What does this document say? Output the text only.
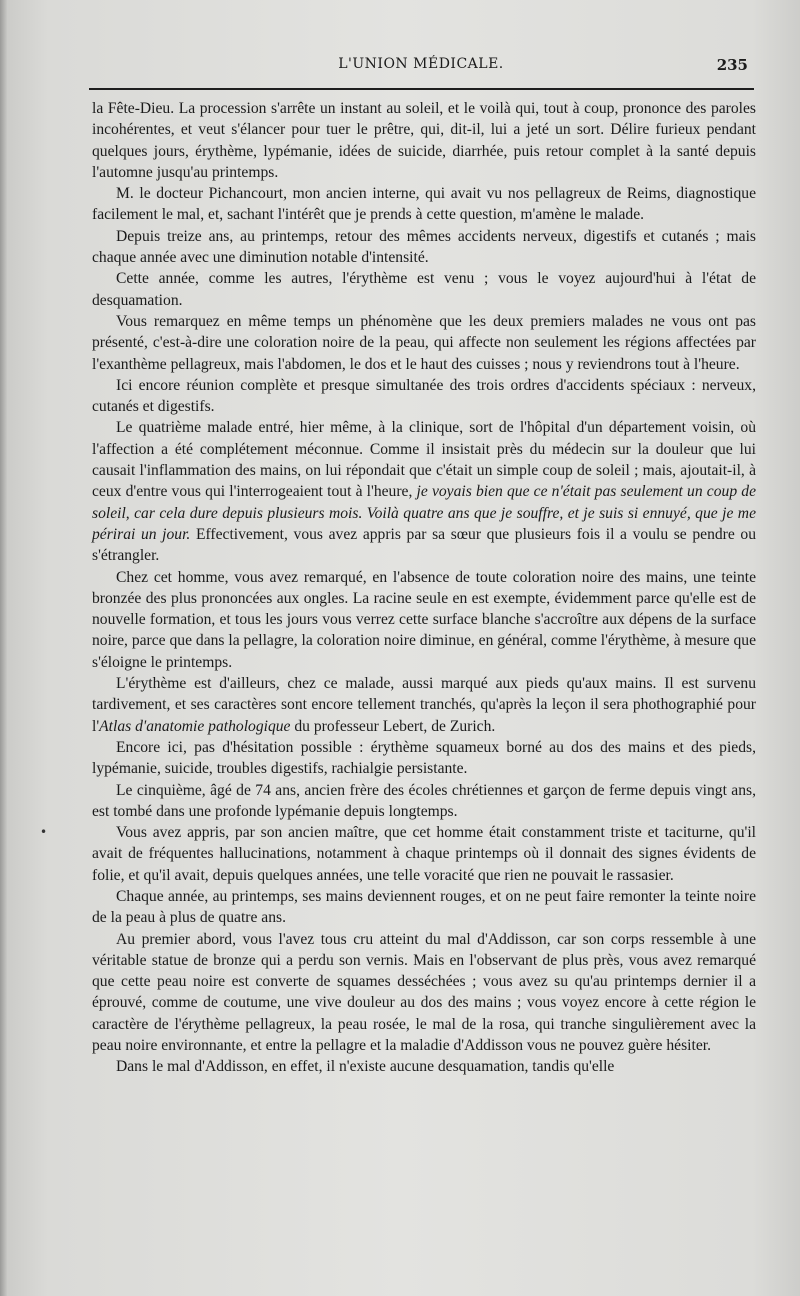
L'UNION MÉDICALE.	235

la Fête-Dieu. La procession s'arrête un instant au soleil, et le voilà qui, tout à coup, prononce des paroles incohérentes, et veut s'élancer pour tuer le prêtre, qui, dit-il, lui a jeté un sort. Délire furieux pendant quelques jours, érythème, lypémanie, idées de suicide, diarrhée, puis retour complet à la santé depuis l'automne jusqu'au printemps.

M. le docteur Pichancourt, mon ancien interne, qui avait vu nos pellagreux de Reims, diagnostique facilement le mal, et, sachant l'intérêt que je prends à cette question, m'amène le malade.

Depuis treize ans, au printemps, retour des mêmes accidents nerveux, digestifs et cutanés ; mais chaque année avec une diminution notable d'intensité.

Cette année, comme les autres, l'érythème est venu ; vous le voyez aujourd'hui à l'état de desquamation.

Vous remarquez en même temps un phénomène que les deux premiers malades ne vous ont pas présenté, c'est-à-dire une coloration noire de la peau, qui affecte non seulement les régions affectées par l'exanthème pellagreux, mais l'abdomen, le dos et le haut des cuisses ; nous y reviendrons tout à l'heure.

Ici encore réunion complète et presque simultanée des trois ordres d'accidents spéciaux : nerveux, cutanés et digestifs.

Le quatrième malade entré, hier même, à la clinique, sort de l'hôpital d'un département voisin, où l'affection a été complétement méconnue. Comme il insistait près du médecin sur la douleur que lui causait l'inflammation des mains, on lui répondait que c'était un simple coup de soleil ; mais, ajoutait-il, à ceux d'entre vous qui l'interrogeaient tout à l'heure, je voyais bien que ce n'était pas seulement un coup de soleil, car cela dure depuis plusieurs mois. Voilà quatre ans que je souffre, et je suis si ennuyé, que je me périrai un jour. Effectivement, vous avez appris par sa sœur que plusieurs fois il a voulu se pendre ou s'étrangler.

Chez cet homme, vous avez remarqué, en l'absence de toute coloration noire des mains, une teinte bronzée des plus prononcées aux ongles. La racine seule en est exempte, évidemment parce qu'elle est de nouvelle formation, et tous les jours vous verrez cette surface blanche s'accroître aux dépens de la surface noire, parce que dans la pellagre, la coloration noire diminue, en général, comme l'érythème, à mesure que s'éloigne le printemps.

L'érythème est d'ailleurs, chez ce malade, aussi marqué aux pieds qu'aux mains. Il est survenu tardivement, et ses caractères sont encore tellement tranchés, qu'après la leçon il sera phothographié pour l'Atlas d'anatomie pathologique du professeur Lebert, de Zurich.

Encore ici, pas d'hésitation possible : érythème squameux borné au dos des mains et des pieds, lypémanie, suicide, troubles digestifs, rachialgie persistante.

Le cinquième, âgé de 74 ans, ancien frère des écoles chrétiennes et garçon de ferme depuis vingt ans, est tombé dans une profonde lypémanie depuis longtemps.

Vous avez appris, par son ancien maître, que cet homme était constamment triste et taciturne, qu'il avait de fréquentes hallucinations, notamment à chaque printemps où il donnait des signes évidents de folie, et qu'il avait, depuis quelques années, une telle voracité que rien ne pouvait le rassasier.

Chaque année, au printemps, ses mains deviennent rouges, et on ne peut faire remonter la teinte noire de la peau à plus de quatre ans.

Au premier abord, vous l'avez tous cru atteint du mal d'Addisson, car son corps ressemble à une véritable statue de bronze qui a perdu son vernis. Mais en l'observant de plus près, vous avez remarqué que cette peau noire est converte de squames desséchées ; vous avez su qu'au printemps dernier il a éprouvé, comme de coutume, une vive douleur au dos des mains ; vous voyez encore à cette région le caractère de l'érythème pellagreux, la peau rosée, le mal de la rosa, qui tranche singulièrement avec la peau noire environnante, et entre la pellagre et la maladie d'Addisson vous ne pouvez guère hésiter.

Dans le mal d'Addisson, en effet, il n'existe aucune desquamation, tandis qu'elle

•
